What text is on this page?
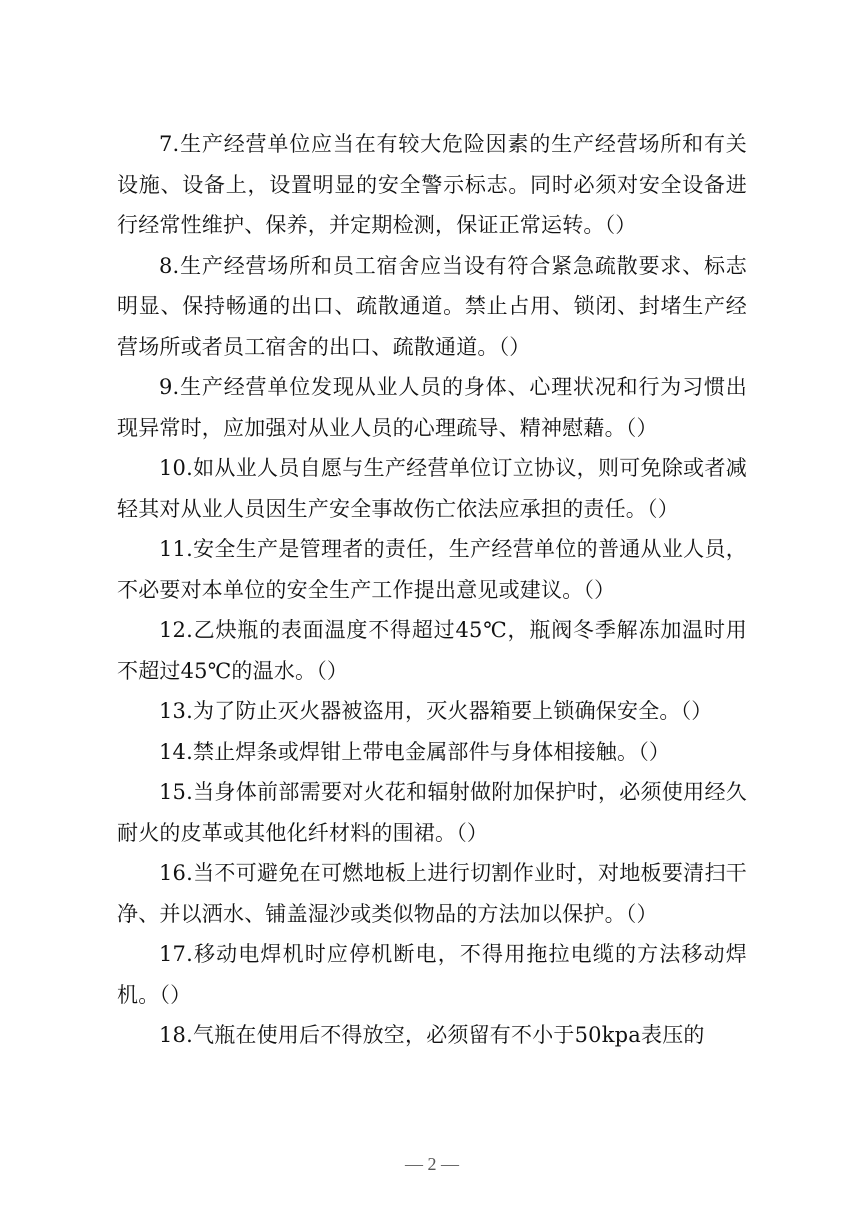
7.生产经营单位应当在有较大危险因素的生产经营场所和有关设施、设备上，设置明显的安全警示标志。同时必须对安全设备进行经常性维护、保养，并定期检测，保证正常运转。（）

8.生产经营场所和员工宿舍应当设有符合紧急疏散要求、标志明显、保持畅通的出口、疏散通道。禁止占用、锁闭、封堵生产经营场所或者员工宿舍的出口、疏散通道。（）

9.生产经营单位发现从业人员的身体、心理状况和行为习惯出现异常时，应加强对从业人员的心理疏导、精神慰藉。（）

10.如从业人员自愿与生产经营单位订立协议，则可免除或者减轻其对从业人员因生产安全事故伤亡依法应承担的责任。（）

11.安全生产是管理者的责任，生产经营单位的普通从业人员，不必要对本单位的安全生产工作提出意见或建议。（）

12.乙炔瓶的表面温度不得超过45℃，瓶阀冬季解冻加温时用不超过45℃的温水。（）

13.为了防止灭火器被盗用，灭火器箱要上锁确保安全。（）

14.禁止焊条或焊钳上带电金属部件与身体相接触。（）

15.当身体前部需要对火花和辐射做附加保护时，必须使用经久耐火的皮革或其他化纤材料的围裙。（）

16.当不可避免在可燃地板上进行切割作业时，对地板要清扫干净、并以洒水、铺盖湿沙或类似物品的方法加以保护。（）

17.移动电焊机时应停机断电，不得用拖拉电缆的方法移动焊机。（）

18.气瓶在使用后不得放空，必须留有不小于50kpa表压的

— 2 —
